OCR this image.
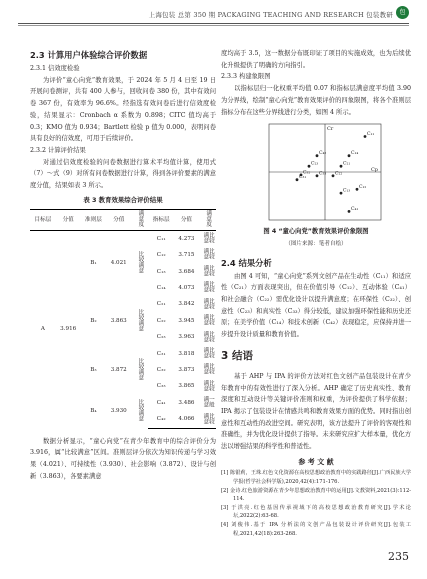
上海包装 总第 350 期 PACKAGING TEACHING AND RESEARCH 包装教研	包
2.3 计算用户体验综合评价数据
2.3.1 信效度检验

为评价“童心向党”教育效果，于 2024 年 5 月 4 日至 19 日开展问卷测评，共有 400 人参与，回收问卷 380 份，其中有效问卷 367 份，有效率为 96.6%。经指选有效问卷后进行信效度检验，结果显示：Cronbach α 系数为 0.898；CITC 值均高于 0.3；KMO 值为 0.934；Bartlett 检验 p 值为 0.000，表明问卷具有良好的信效度，可用于后续评价。

2.3.2 计算评价结果

对通过信效度检验的问卷数据进行算术平均值计算，使用式（7）～式（9）对所有问卷数据进行计算，得到各评价要素的满意度分值，结果如表 3 所示。

表 3 教育效果综合评价结果
目标层	分值	准则层	分值	满意度	指标层	分值	满意度
A	3.916	B₁	4.021	比较满意	C₁₁	4.273	比较满意
					C₁₂	3.715	比较满意
					C₁₃	3.684	比较满意
					C₁₄	4.073	比较满意
		B₂	3.863	比较满意	C₂₁	3.842	比较满意
					C₂₂	3.945	比较满意
					C₂₃	3.963	比较满意
		B₃	3.872	比较满意	C₃₁	3.818	比较满意
					C₃₂	3.873	比较满意
					C₃₃	3.865	比较满意
		B₄	3.930	比较满意	C₄₁	3.486	一般满意
					C₄₂	4.066	比较满意

数据分析显示，“童心向党”在青少年教育中的综合评价分为 3.916，属“比较满意”区间。准则层评分依次为知识传递与学习效果（4.021）、可持续性（3.930）、社会影响（3.872）、设计与创新（3.863），各要素满意

度均高于 3.5，这一数据分布既印证了项目的实施成效，也为后续优化升级提供了明确的方向指引。

2.3.3 构建象限图

以指标层归一化权重平均值 0.07 和指标层满意度平均值 3.90 为分界线，绘制“童心向党”教育效果评价的四象限图，将各个准则层指标分布在这些分界线进行分类，如图 4 所示。

Cp
Cr
C₁₁
C₁₄
C₄₂
C₂₁
C₂₃
C₂₂
C₃₂
C₃₁
C₃₃
C₁₂
C₁₃
C₄₁
图 4 “童心向党”教育效果评价象限图
（图片来源：笔者自绘）
2.4 结果分析

由图 4 可知，“童心向党”系列文创产品在生动性（C₁₁）和适应性（C₂₁）方面表现突出，但在价值引导（C₁₂）、互动体验（C₄₁）和社会融合（C₂₂）需优化设计以提升满意度；在环保性（C₃₂）、创意性（C₂₃）和真实性（C₃₃）得分较低，建议加强环保性能和历史还原；在美学价值（C₁₄）和技术创新（C₄₂）表现稳定，应保持并进一步提升设计质量和教育价值。

3 结语

基于 AHP 与 IPA 的评价方法对红色文创产品包装设计在青少年教育中的有效性进行了深入分析。AHP 确定了历史真实性、教育深度和互动设计等关键评价准则和权重，为评价提供了科学依据；IPA 揭示了包装设计在情感共鸣和教育效果方面的优势。同时指出创意性和互动性的改进空间。研究表明，该方法提升了评价的客观性和准确性，并为优化设计提供了指导。未来研究应扩大样本量，优化方法以增强结果的科学性和普适性。

参 考 文 献
[1] 陈银莉，王珠.红色文化资源在高校思想政治教育中的实践路径[J].广西民族大学学报(哲学社会科学版),2020,42(4):171-176.
[2] 金诗.红色旅游资源在青少年思想政治教育中的运用[J].文教资料,2021(3):112-114.
[3] 于洪亮.红色基因传承视域下的高校思想政治教育研究[J].学术论坛,2022(2):63-68.
[4] 刘俊伟.基于 IPA 分析法的文创产品包装设计评价研究[J].包装工程,2021,42(18):263-268.
235
